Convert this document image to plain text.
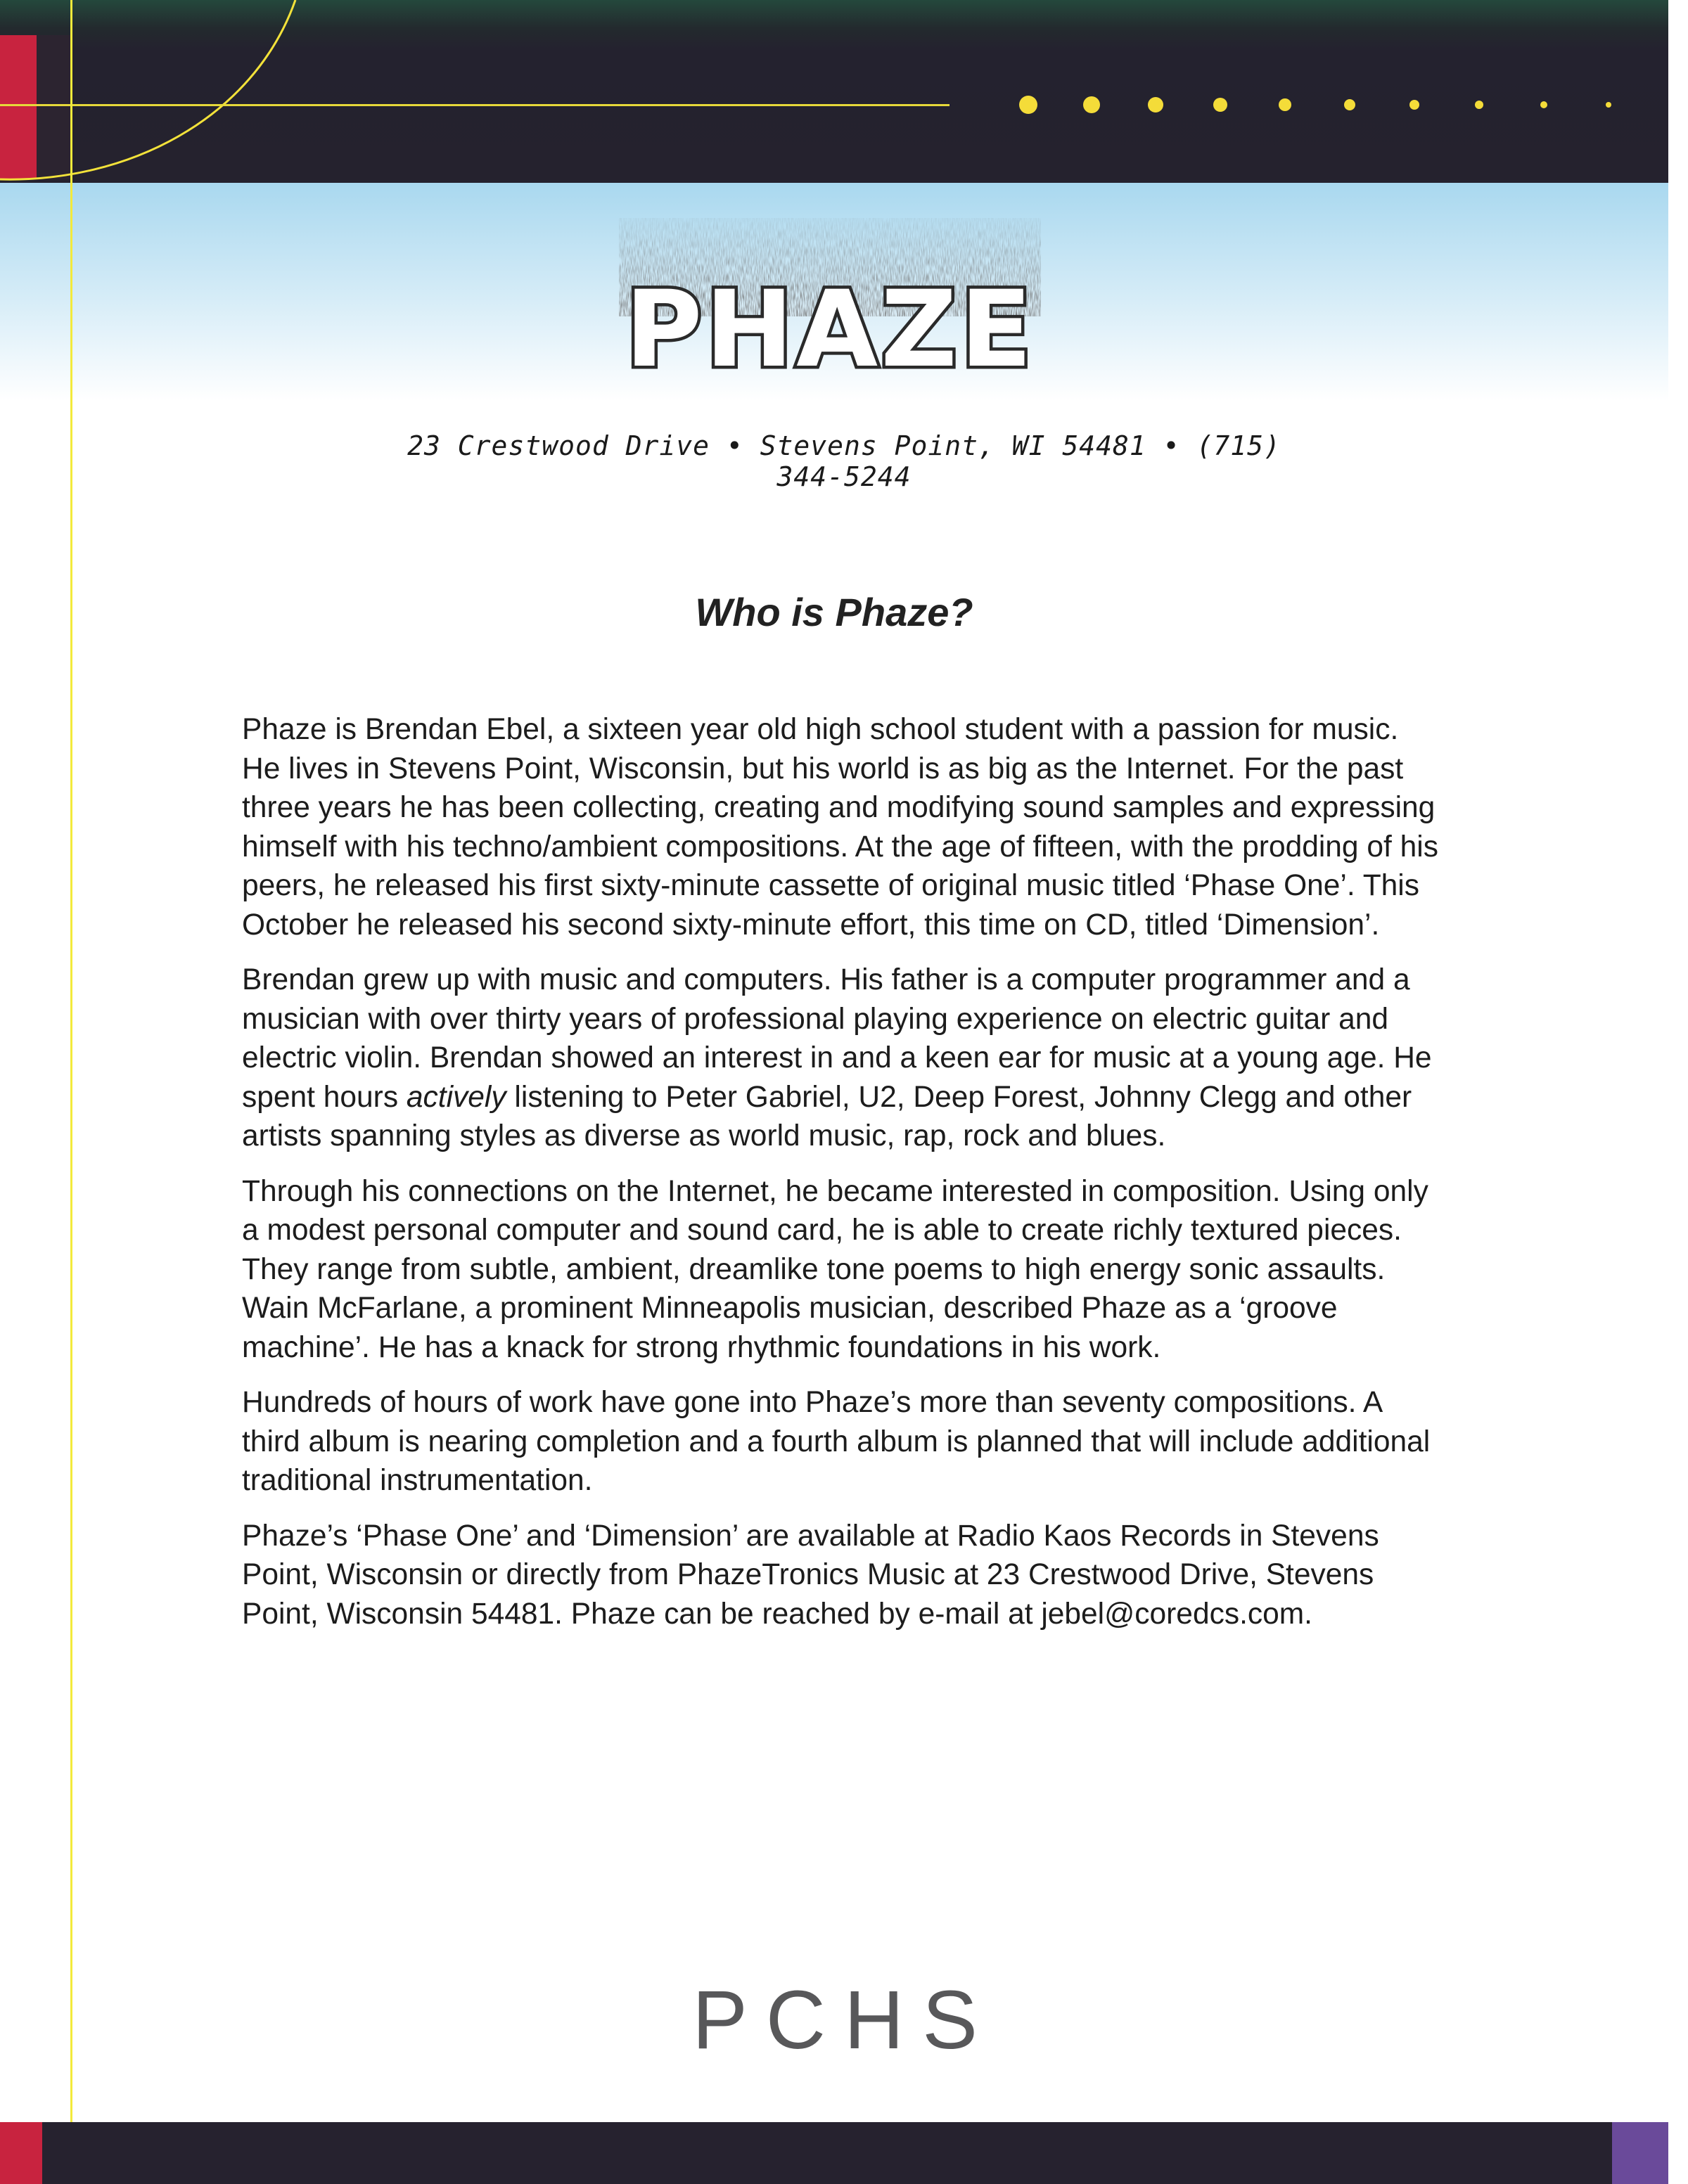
PHAZE
23 Crestwood Drive • Stevens Point, WI 54481 • (715) 344-5244
Who is Phaze?

Phaze is Brendan Ebel, a sixteen year old high school student with a passion for music. He lives in Stevens Point, Wisconsin, but his world is as big as the Internet. For the past three years he has been collecting, creating and modifying sound samples and expressing himself with his techno/ambient compositions. At the age of fifteen, with the prodding of his peers, he released his first sixty-minute cassette of original music titled ‘Phase One’. This October he released his second sixty-minute effort, this time on CD, titled ‘Dimension’.

Brendan grew up with music and computers. His father is a computer programmer and a musician with over thirty years of professional playing experience on electric guitar and electric violin. Brendan showed an interest in and a keen ear for music at a young age. He spent hours actively listening to Peter Gabriel, U2, Deep Forest, Johnny Clegg and other artists spanning styles as diverse as world music, rap, rock and blues.

Through his connections on the Internet, he became interested in composition. Using only a modest personal computer and sound card, he is able to create richly textured pieces. They range from subtle, ambient, dreamlike tone poems to high energy sonic assaults. Wain McFarlane, a prominent Minneapolis musician, described Phaze as a ‘groove machine’. He has a knack for strong rhythmic foundations in his work.

Hundreds of hours of work have gone into Phaze’s more than seventy compositions. A third album is nearing completion and a fourth album is planned that will include additional traditional instrumentation.

Phaze’s ‘Phase One’ and ‘Dimension’ are available at Radio Kaos Records in Stevens Point, Wisconsin or directly from PhazeTronics Music at 23 Crestwood Drive, Stevens Point, Wisconsin 54481. Phaze can be reached by e-mail at jebel@coredcs.com.

PCHS
